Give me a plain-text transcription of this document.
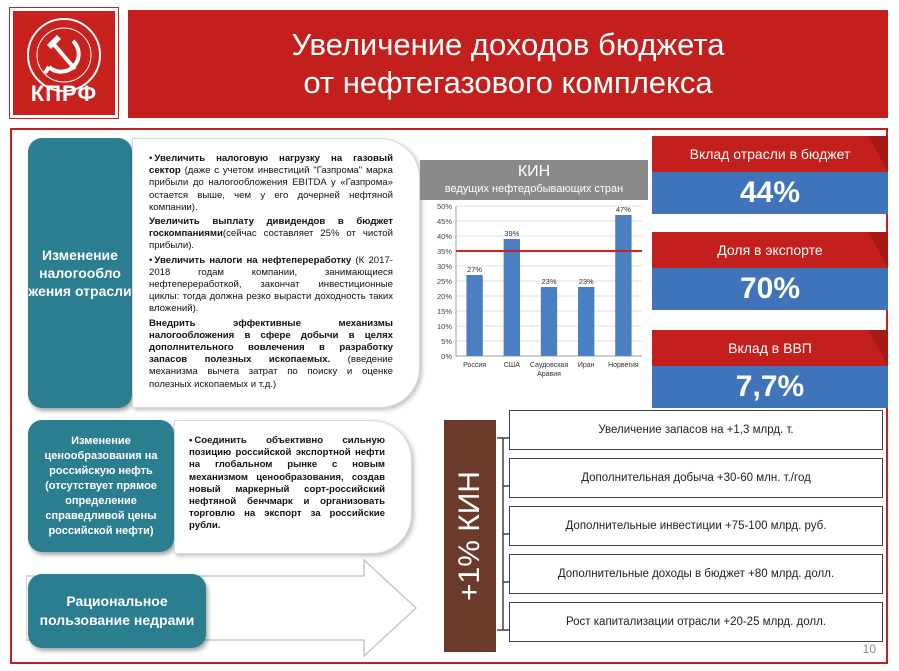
КПРФ
Увеличение доходов бюджета
от нефтегазового комплекса
Изменение налогообло жения отрасли
• Увеличить налоговую нагрузку на газовый сектор (даже с учетом инвестиций "Газпрома" марка прибыли до налогообложения EBITDA у «Газпрома» остается выше, чем у его дочерней нефтяной компании).
Увеличить выплату дивидендов в бюджет госкомпаниями(сейчас составляет 25% от чистой прибыли).
• Увеличить налоги на нефтепереработку (К 2017-2018 годам компании, занимающиеся нефтепереработкой, закончат инвестиционные циклы: тогда должна резко вырасти доходность таких вложений).
Внедрить эффективные механизмы налогообложения в сфере добычи в целях дополнительного вовлечения в разработку запасов полезных ископаемых. (введение механизма вычета затрат по поиску и оценке полезных ископаемых и т.д.)
Изменение ценообразования на российскую нефть (отсутствует прямое определение справедливой цены российской нефти)
• Соединить объективно сильную позицию российской экспортной нефти на глобальном рынке с новым механизмом ценообразования, создав новый маркерный сорт-российский нефтяной бенчмарк и организовать торговлю на экспорт за российские рубли.
Рациональное пользование недрами
КИН
ведущих нефтедобывающих стран
0%
5%
10%
15%
20%
25%
30%
35%
40%
45%
50%
27%
Россия
39%
США
23%
Саудовская
Аравия
23%
Иран
47%
Норвегия
Вклад отрасли в бюджет
44%
Доля в экспорте
70%
Вклад в ВВП
7,7%
+1% КИН
Увеличение запасов на +1,3 млрд. т.
Дополнительная добыча +30-60 млн. т./год
Дополнительные инвестиции +75-100 млрд. руб.
Дополнительные доходы в бюджет +80 млрд. долл.
Рост капитализации отрасли +20-25 млрд. долл.
10
